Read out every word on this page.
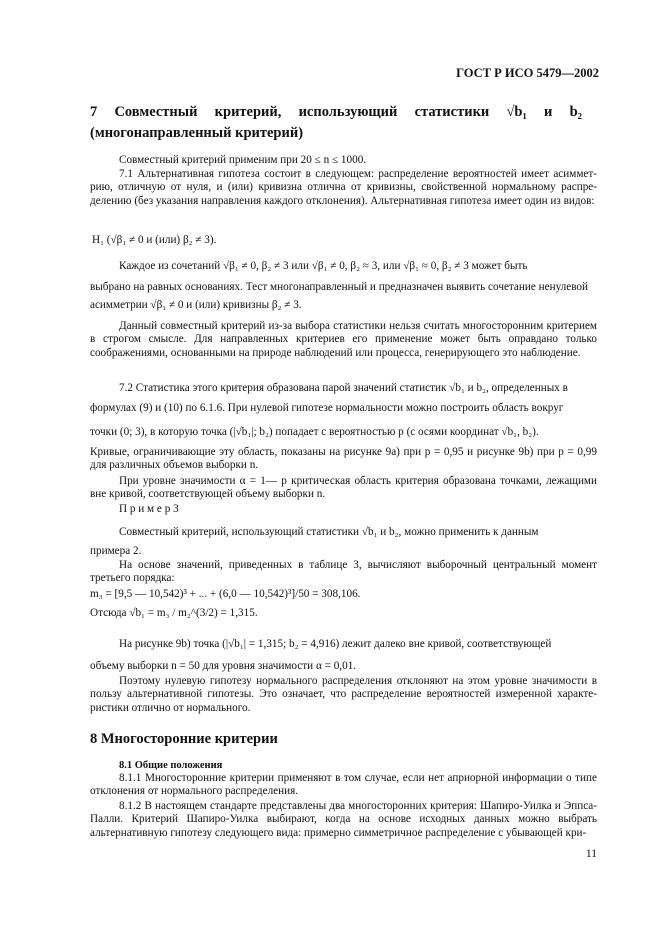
ГОСТ Р ИСО 5479—2002
7 Совместный критерий, использующий статистики √b₁ и b₂
(многонаправленный критерий)
Совместный критерий применим при 20 ≤ n ≤ 1000.
7.1 Альтернативная гипотеза состоит в следующем: распределение вероятностей имеет асимметрию, отличную от нуля, и (или) кривизна отлична от кривизны, свойственной нормальному распределению (без указания направления каждого отклонения). Альтернативная гипотеза имеет один из видов:
H₁ (√β₁ ≠ 0 и (или) β₂ ≠ 3).
Каждое из сочетаний √β₁ ≠ 0, β₂ ≠ 3 или √β₁ ≠ 0, β₂ ≈ 3, или √β₁ ≈ 0, β₂ ≠ 3 может быть
выбрано на равных основаниях. Тест многонаправленный и предназначен выявить сочетание ненулевой
асимметрии √β₁ ≠ 0 и (или) кривизны β₂ ≠ 3.
Данный совместный критерий из-за выбора статистики нельзя считать многосторонним критерием в строгом смысле. Для направленных критериев его применение может быть оправдано только соображениями, основанными на природе наблюдений или процесса, генерирующего это наблюдение.
7.2 Статистика этого критерия образована парой значений статистик √b₁ и b₂, определенных в
формулах (9) и (10) по 6.1.6. При нулевой гипотезе нормальности можно построить область вокруг
точки (0; 3), в которую точка (|√b₁|; b₂) попадает с вероятностью p (с осями координат √b₁, b₂).
Кривые, ограничивающие эту область, показаны на рисунке 9а) при p = 0,95 и рисунке 9b) при p = 0,99 для различных объемов выборки n.
При уровне значимости α = 1— p критическая область критерия образована точками, лежащими вне кривой, соответствующей объему выборки n.
П р и м е р 3
Совместный критерий, использующий статистики √b₁ и b₂, можно применить к данным
примера 2.
На основе значений, приведенных в таблице 3, вычисляют выборочный центральный момент третьего порядка:
m₃ = [9,5 — 10,542)³ + ... + (6,0 — 10,542)³]/50 = 308,106.
Отсюда √b₁ = m₃ / m₂^(3/2) = 1,315.
На рисунке 9b) точка (|√b₁| = 1,315; b₂ = 4,916) лежит далеко вне кривой, соответствующей
объему выборки n = 50 для уровня значимости α = 0,01.
Поэтому нулевую гипотезу нормального распределения отклоняют на этом уровне значимости в пользу альтернативной гипотезы. Это означает, что распределение вероятностей измеренной характеристики отлично от нормального.
8 Многосторонние критерии
8.1 Общие положения
8.1.1 Многосторонние критерии применяют в том случае, если нет априорной информации о типе отклонения от нормального распределения.
8.1.2 В настоящем стандарте представлены два многосторонних критерия: Шапиро-Уилка и Эппса-Палли. Критерий Шапиро-Уилка выбирают, когда на основе исходных данных можно выбрать альтернативную гипотезу следующего вида: примерно симметричное распределение с убывающей кри-
11
